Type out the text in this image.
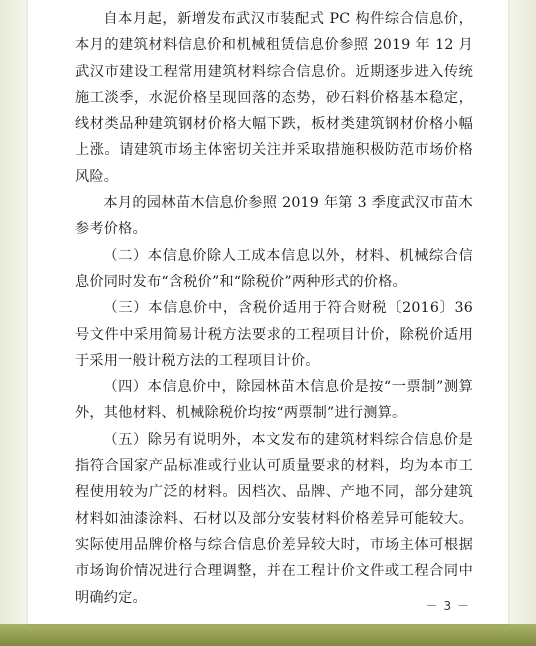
自本月起，新增发布武汉市装配式 PC 构件综合信息价，本月的建筑材料信息价和机械租赁信息价参照 2019 年 12 月武汉市建设工程常用建筑材料综合信息价。近期逐步进入传统施工淡季，水泥价格呈现回落的态势，砂石料价格基本稳定，线材类品种建筑钢材价格大幅下跌，板材类建筑钢材价格小幅上涨。请建筑市场主体密切关注并采取措施积极防范市场价格风险。

本月的园林苗木信息价参照 2019 年第 3 季度武汉市苗木参考价格。

（二）本信息价除人工成本信息以外，材料、机械综合信息价同时发布“含税价”和“除税价”两种形式的价格。

（三）本信息价中，含税价适用于符合财税〔2016〕36 号文件中采用简易计税方法要求的工程项目计价，除税价适用于采用一般计税方法的工程项目计价。

（四）本信息价中，除园林苗木信息价是按“一票制”测算外，其他材料、机械除税价均按“两票制”进行测算。

（五）除另有说明外，本文发布的建筑材料综合信息价是指符合国家产品标准或行业认可质量要求的材料，均为本市工程使用较为广泛的材料。因档次、品牌、产地不同，部分建筑材料如油漆涂料、石材以及部分安装材料价格差异可能较大。实际使用品牌价格与综合信息价差异较大时，市场主体可根据市场询价情况进行合理调整，并在工程计价文件或工程合同中明确约定。

－ 3 －
